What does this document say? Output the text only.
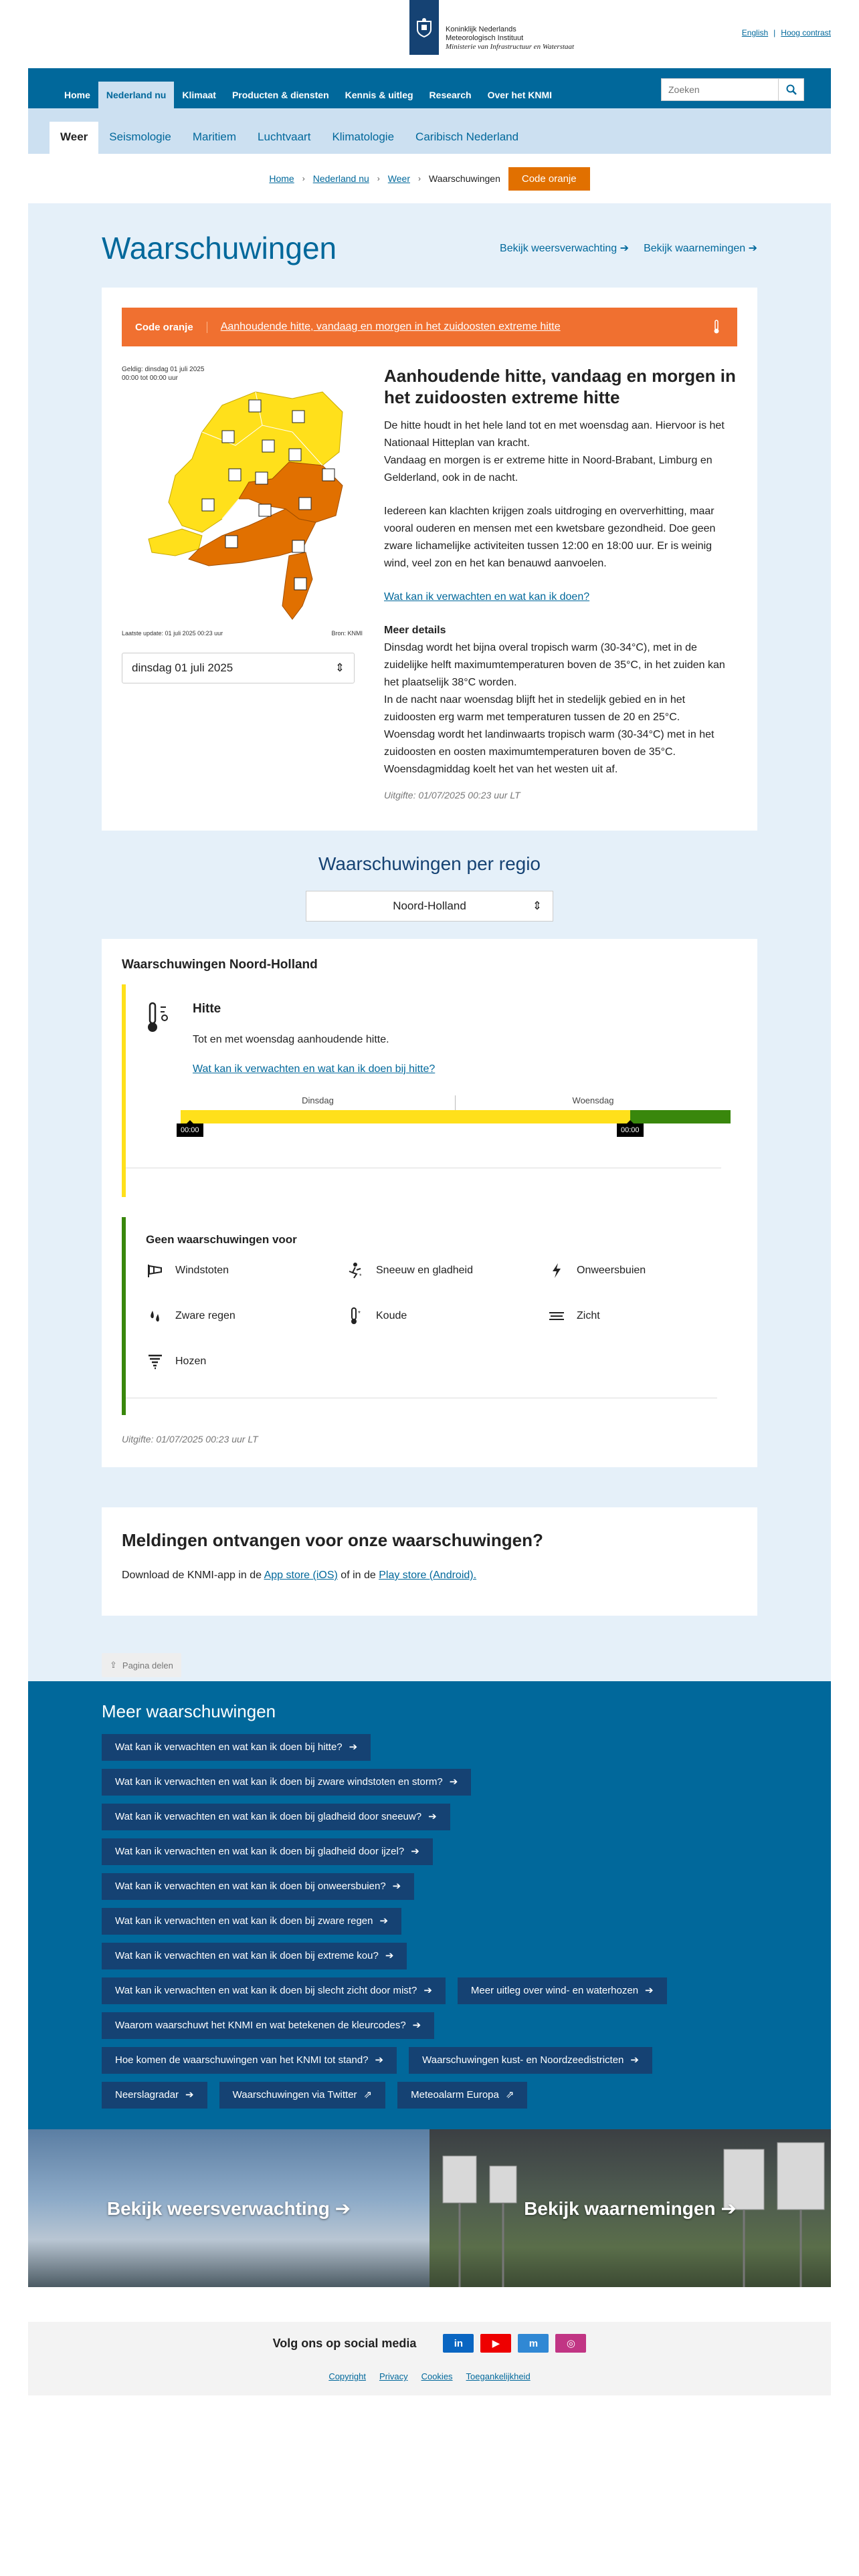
Koninklijk Nederlands
Meteorologisch Instituut
Ministerie van Infrastructuur en Waterstaat
English | Hoog contrast
Home	Nederland nu	Klimaat	Producten & diensten	Kennis & uitleg	Research	Over het KNMI
Zoeken
Weer	Seismologie	Maritiem	Luchtvaart	Klimatologie	Caribisch Nederland
Home › Nederland nu › Weer › Waarschuwingen	Code oranje
Waarschuwingen	Bekijk weersverwachting ➔ Bekijk waarnemingen ➔
Code oranje	Aanhoudende hitte, vandaag en morgen in het zuidoosten extreme hitte
Geldig: dinsdag 01 juli 2025
00:00 tot 00:00 uur
Laatste update: 01 juli 2025 00:23 uur	Bron: KNMI
dinsdag 01 juli 2025	⇕
Aanhoudende hitte, vandaag en morgen in het zuidoosten extreme hitte

De hitte houdt in het hele land tot en met woensdag aan. Hiervoor is het Nationaal Hitteplan van kracht.
Vandaag en morgen is er extreme hitte in Noord-Brabant, Limburg en Gelderland, ook in de nacht.

Iedereen kan klachten krijgen zoals uitdroging en oververhitting, maar vooral ouderen en mensen met een kwetsbare gezondheid. Doe geen zware lichamelijke activiteiten tussen 12:00 en 18:00 uur. Er is weinig wind, veel zon en het kan benauwd aanvoelen.

Wat kan ik verwachten en wat kan ik doen?

Meer details
Dinsdag wordt het bijna overal tropisch warm (30-34°C), met in de zuidelijke helft maximumtemperaturen boven de 35°C, in het zuiden kan het plaatselijk 38°C worden.
In de nacht naar woensdag blijft het in stedelijk gebied en in het zuidoosten erg warm met temperaturen tussen de 20 en 25°C.
Woensdag wordt het landinwaarts tropisch warm (30-34°C) met in het zuidoosten en oosten maximumtemperaturen boven de 35°C. Woensdagmiddag koelt het van het westen uit af.
Uitgifte: 01/07/2025 00:23 uur LT
Waarschuwingen per regio
Noord-Holland	⇕
Waarschuwingen Noord-Holland
Hitte

Tot en met woensdag aanhoudende hitte.

Wat kan ik verwachten en wat kan ik doen bij hitte?
Dinsdag	Woensdag
00:00	00:00
Geen waarschuwingen voor
Windstoten	* Sneeuw en gladheid	Onweersbuien
Zware regen	* Koude	Zicht
Hozen
Uitgifte: 01/07/2025 00:23 uur LT
Meldingen ontvangen voor onze waarschuwingen?

Download de KNMI-app in de App store (iOS) of in de Play store (Android).

⇪ Pagina delen
Meer waarschuwingen
Wat kan ik verwachten en wat kan ik doen bij hitte? ➔
Wat kan ik verwachten en wat kan ik doen bij zware windstoten en storm? ➔
Wat kan ik verwachten en wat kan ik doen bij gladheid door sneeuw? ➔
Wat kan ik verwachten en wat kan ik doen bij gladheid door ijzel? ➔
Wat kan ik verwachten en wat kan ik doen bij onweersbuien? ➔
Wat kan ik verwachten en wat kan ik doen bij zware regen ➔
Wat kan ik verwachten en wat kan ik doen bij extreme kou? ➔
Wat kan ik verwachten en wat kan ik doen bij slecht zicht door mist? ➔	Meer uitleg over wind- en waterhozen ➔
Waarom waarschuwt het KNMI en wat betekenen de kleurcodes? ➔
Hoe komen de waarschuwingen van het KNMI tot stand? ➔	Waarschuwingen kust- en Noordzeedistricten ➔
Neerslagradar ➔	Waarschuwingen via Twitter ⇗	Meteoalarm Europa ⇗
Bekijk weersverwachting ➔	Bekijk waarnemingen ➔
Volg ons op social media	in	▶	m	◎
Copyright Privacy Cookies Toegankelijkheid
